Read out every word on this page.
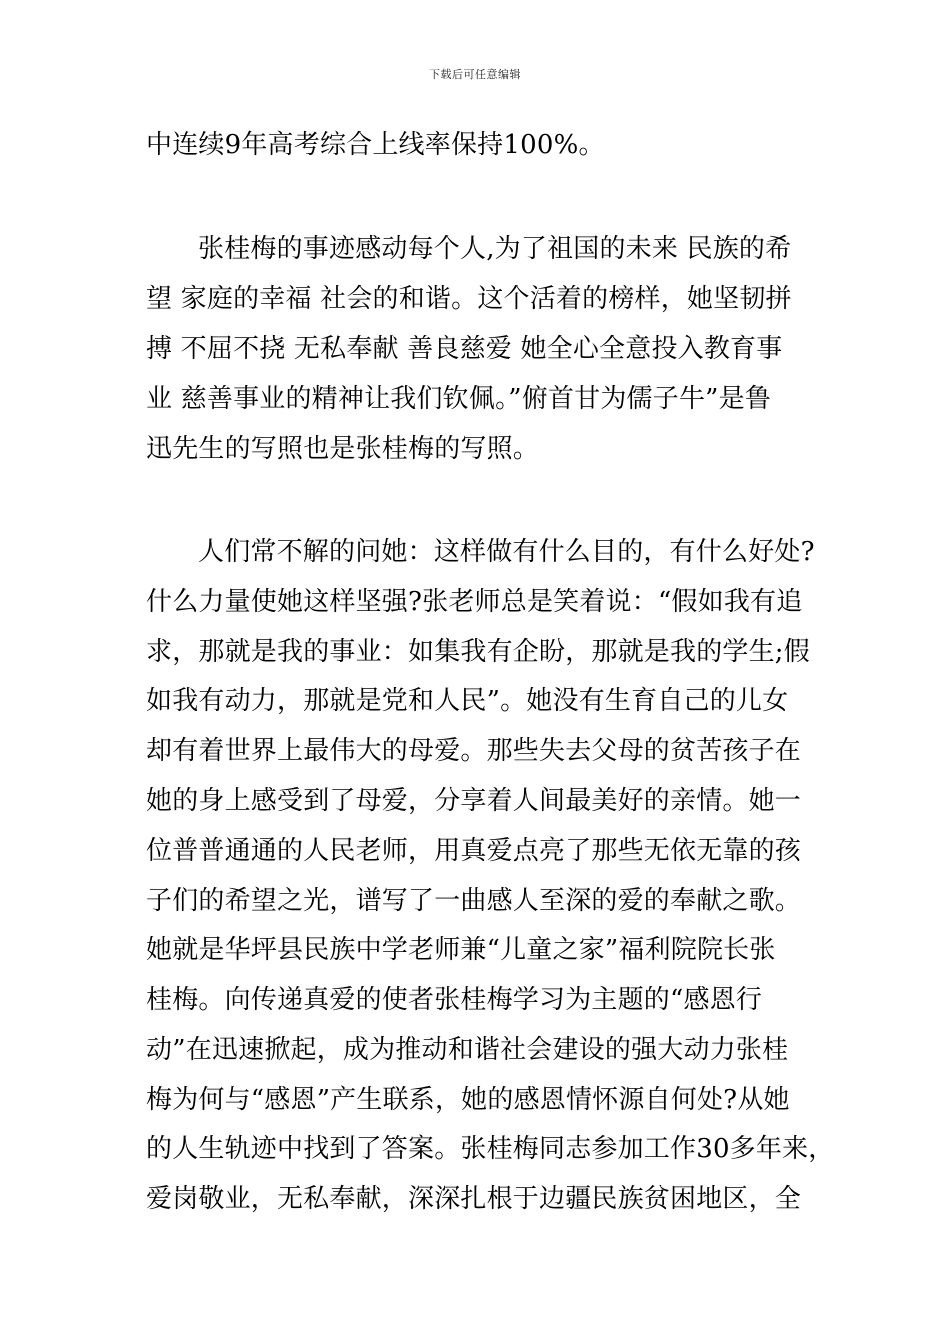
下载后可任意编辑
中连续9年高考综合上线率保持100%。
张桂梅的事迹感动每个人,为了祖国的未来 民族的希
望 家庭的幸福 社会的和谐。这个活着的榜样，她坚韧拼
搏 不屈不挠 无私奉献 善良慈爱 她全心全意投入教育事
业 慈善事业的精神让我们钦佩。”俯首甘为儒子牛”是鲁
迅先生的写照也是张桂梅的写照。
人们常不解的问她：这样做有什么目的，有什么好处?
什么力量使她这样坚强?张老师总是笑着说：“假如我有追
求，那就是我的事业：如集我有企盼，那就是我的学生;假
如我有动力，那就是党和人民”。她没有生育自己的儿女
却有着世界上最伟大的母爱。那些失去父母的贫苦孩子在
她的身上感受到了母爱，分享着人间最美好的亲情。她一
位普普通通的人民老师，用真爱点亮了那些无依无靠的孩
子们的希望之光，谱写了一曲感人至深的爱的奉献之歌。
她就是华坪县民族中学老师兼“儿童之家”福利院院长张
桂梅。向传递真爱的使者张桂梅学习为主题的“感恩行
动”在迅速掀起，成为推动和谐社会建设的强大动力张桂
梅为何与“感恩”产生联系，她的感恩情怀源自何处?从她
的人生轨迹中找到了答案。张桂梅同志参加工作30多年来，
爱岗敬业，无私奉献，深深扎根于边疆民族贫困地区，全
